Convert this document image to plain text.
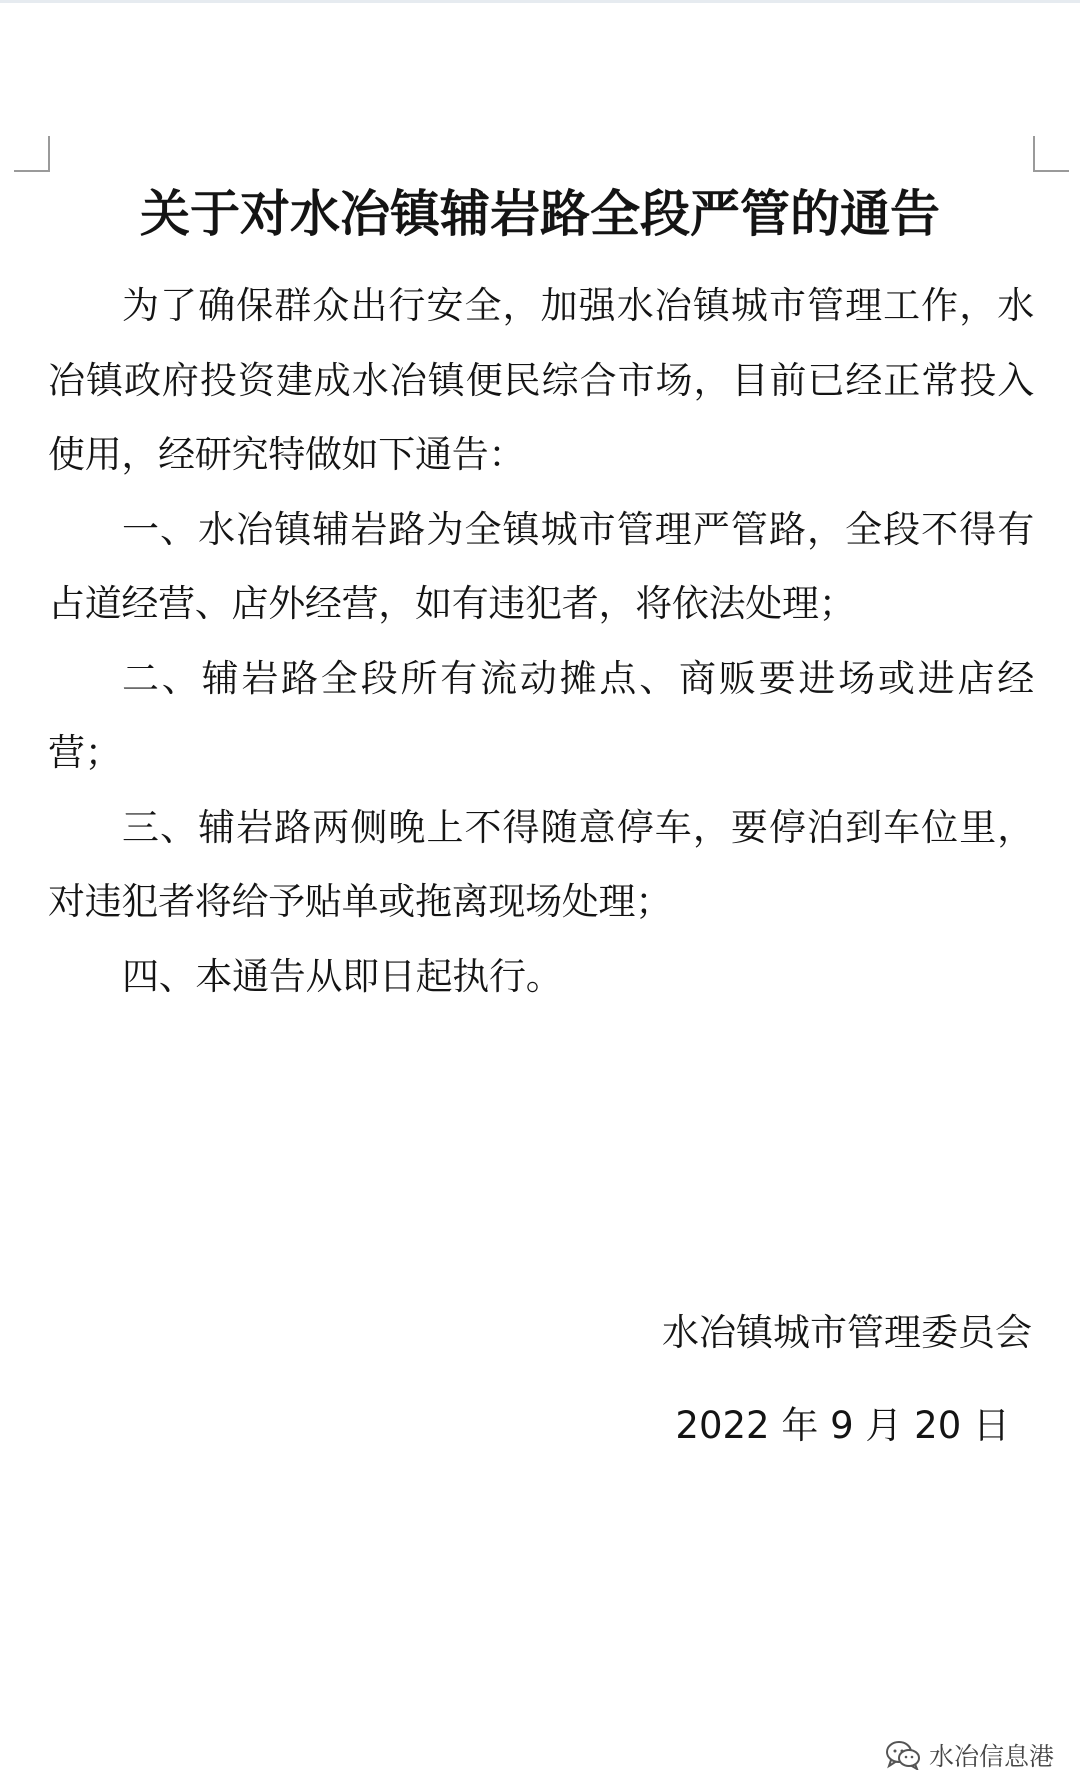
关于对水冶镇辅岩路全段严管的通告

为了确保群众出行安全，加强水冶镇城市管理工作，水冶镇政府投资建成水冶镇便民综合市场，目前已经正常投入使用，经研究特做如下通告：

一、水冶镇辅岩路为全镇城市管理严管路，全段不得有占道经营、店外经营，如有违犯者，将依法处理；

二、辅岩路全段所有流动摊点、商贩要进场或进店经营；

三、辅岩路两侧晚上不得随意停车，要停泊到车位里，对违犯者将给予贴单或拖离现场处理；

四、本通告从即日起执行。

水冶镇城市管理委员会
2022 年 9 月 20 日
水冶信息港
